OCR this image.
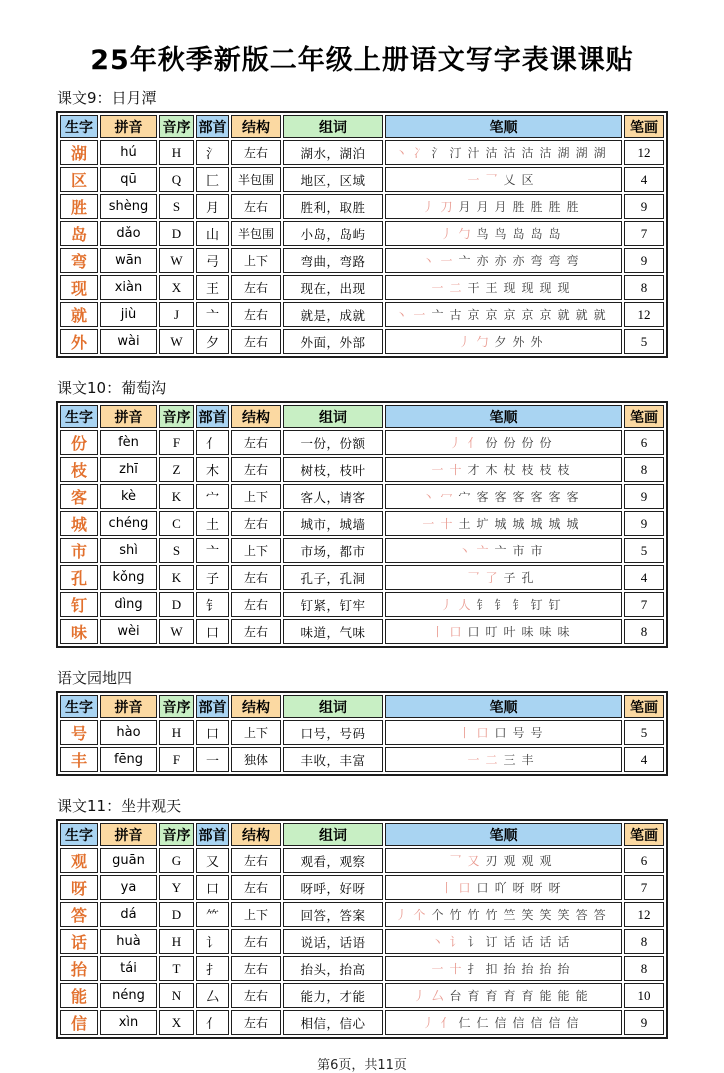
25年秋季新版二年级上册语文写字表课课贴
课文9：日月潭
生字	拼音	音序	部首	结构	组词	笔顺	笔画
湖	hú	H	氵	左右	湖水，湖泊	丶 冫 氵 汀 汁 沽 沽 沽 沽 湖 湖 湖	12
区	qū	Q	匚	半包围	地区，区域	一 乛 乂 区	4
胜	shèng	S	月	左右	胜利，取胜	丿 刀 月 月 月 胜 胜 胜 胜	9
岛	dǎo	D	山	半包围	小岛，岛屿	丿 勹 鸟 鸟 岛 岛 岛	7
弯	wān	W	弓	上下	弯曲，弯路	丶 一 亠 亦 亦 亦 弯 弯 弯	9
现	xiàn	X	王	左右	现在，出现	一 二 干 王 现 现 现 现	8
就	jiù	J	亠	左右	就是，成就	丶 一 亠 古 京 京 京 京 京 就 就 就	12
外	wài	W	夕	左右	外面，外部	丿 勹 夕 外 外	5
课文10：葡萄沟
生字	拼音	音序	部首	结构	组词	笔顺	笔画
份	fèn	F	亻	左右	一份，份额	丿 亻 份 份 份 份	6
枝	zhī	Z	木	左右	树枝，枝叶	一 十 才 木 杖 枝 枝 枝	8
客	kè	K	宀	上下	客人，请客	丶 冖 宀 客 客 客 客 客 客	9
城	chéng	C	土	左右	城市，城墙	一 十 土 圹 城 城 城 城 城	9
市	shì	S	亠	上下	市场，都市	丶 亠 亠 市 市	5
孔	kǒng	K	子	左右	孔子，孔洞	乛 了 子 孔	4
钉	dìng	D	钅	左右	钉紧，钉牢	丿 人 钅 钅 钅 钉 钉	7
味	wèi	W	口	左右	味道，气味	丨 口 口 叮 叶 味 味 味	8
语文园地四
生字	拼音	音序	部首	结构	组词	笔顺	笔画
号	hào	H	口	上下	口号，号码	丨 口 口 号 号	5
丰	fēng	F	一	独体	丰收，丰富	一 二 三 丰	4
课文11：坐井观天
生字	拼音	音序	部首	结构	组词	笔顺	笔画
观	guān	G	又	左右	观看，观察	乛 又 刃 观 观 观	6
呀	ya	Y	口	左右	呀呼，好呀	丨 口 口 吖 呀 呀 呀	7
答	dá	D	⺮	上下	回答，答案	丿 个 个 竹 竹 竹 竺 笑 笑 笑 答 答	12
话	huà	H	讠	左右	说话，话语	丶 讠 讠 订 话 话 话 话	8
抬	tái	T	扌	左右	抬头，抬高	一 十 扌 扣 抬 抬 抬 抬	8
能	néng	N	厶	左右	能力，才能	丿 厶 台 育 育 育 育 能 能 能	10
信	xìn	X	亻	左右	相信，信心	丿 亻 仁 仁 信 信 信 信 信	9
第6页，共11页
